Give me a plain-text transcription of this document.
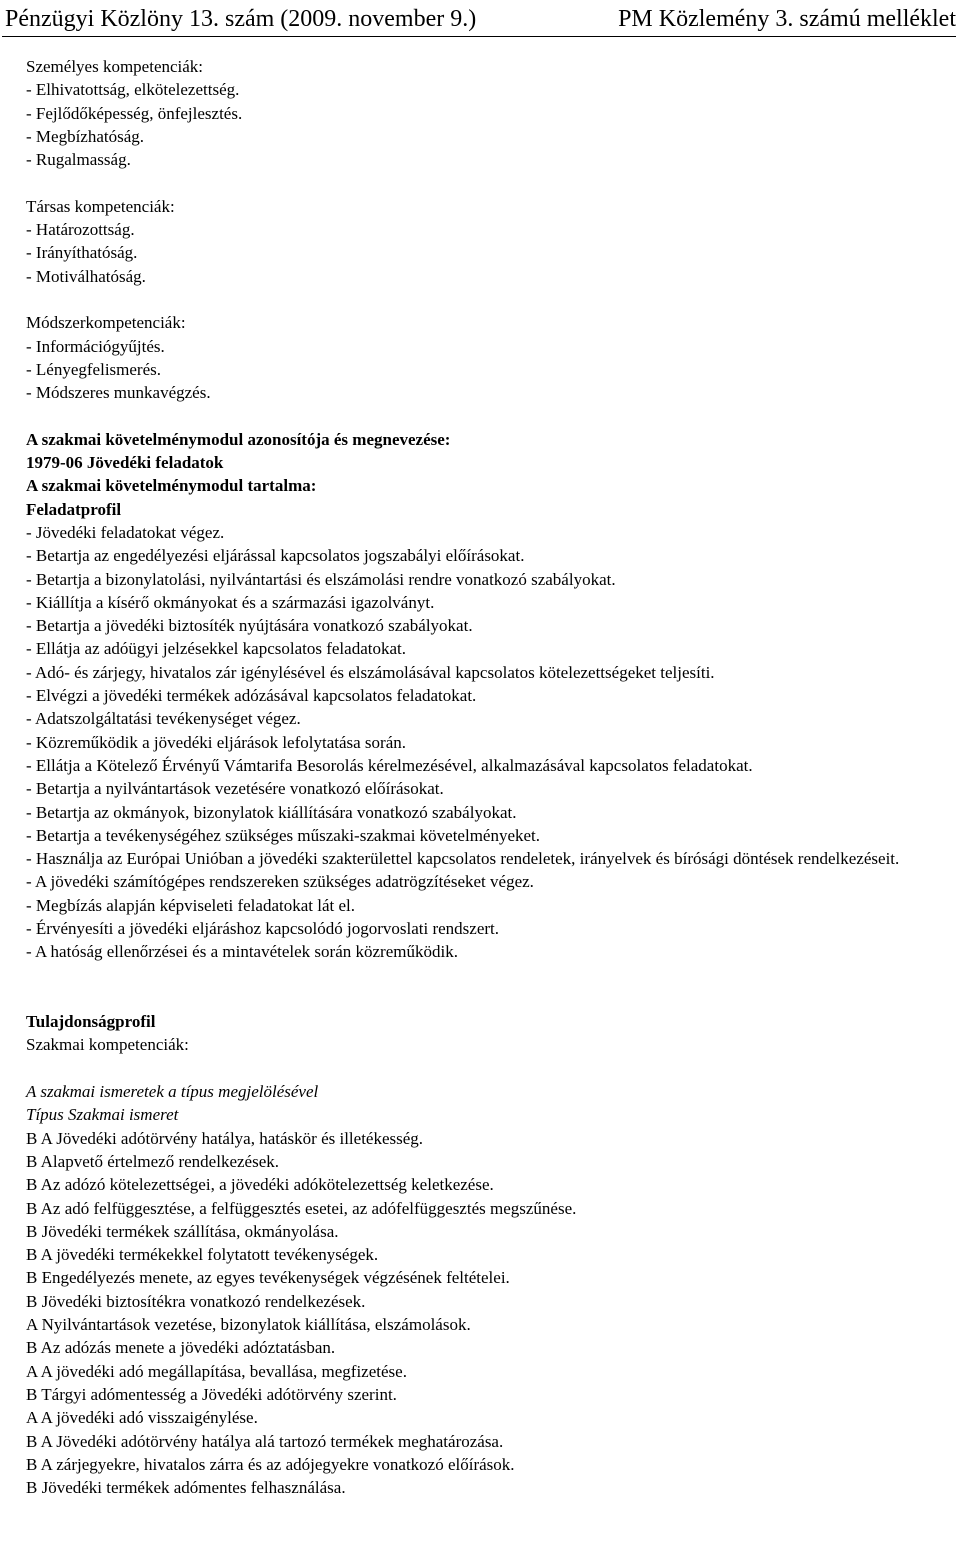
Pénzügyi Közlöny 13. szám (2009. november 9.)	PM Közlemény 3. számú melléklet
Személyes kompetenciák:
- Elhivatottság, elkötelezettség.
- Fejlődőképesség, önfejlesztés.
- Megbízhatóság.
- Rugalmasság.
Társas kompetenciák:
- Határozottság.
- Irányíthatóság.
- Motiválhatóság.
Módszerkompetenciák:
- Információgyűjtés.
- Lényegfelismerés.
- Módszeres munkavégzés.
A szakmai követelménymodul azonosítója és megnevezése:
1979-06 Jövedéki feladatok
A szakmai követelménymodul tartalma:
Feladatprofil
- Jövedéki feladatokat végez.
- Betartja az engedélyezési eljárással kapcsolatos jogszabályi előírásokat.
- Betartja a bizonylatolási, nyilvántartási és elszámolási rendre vonatkozó szabályokat.
- Kiállítja a kísérő okmányokat és a származási igazolványt.
- Betartja a jövedéki biztosíték nyújtására vonatkozó szabályokat.
- Ellátja az adóügyi jelzésekkel kapcsolatos feladatokat.
- Adó- és zárjegy, hivatalos zár igénylésével és elszámolásával kapcsolatos kötelezettségeket teljesíti.
- Elvégzi a jövedéki termékek adózásával kapcsolatos feladatokat.
- Adatszolgáltatási tevékenységet végez.
- Közreműködik a jövedéki eljárások lefolytatása során.
- Ellátja a Kötelező Érvényű Vámtarifa Besorolás kérelmezésével, alkalmazásával kapcsolatos feladatokat.
- Betartja a nyilvántartások vezetésére vonatkozó előírásokat.
- Betartja az okmányok, bizonylatok kiállítására vonatkozó szabályokat.
- Betartja a tevékenységéhez szükséges műszaki-szakmai követelményeket.
- Használja az Európai Unióban a jövedéki szakterülettel kapcsolatos rendeletek, irányelvek és bírósági döntések rendelkezéseit.
- A jövedéki számítógépes rendszereken szükséges adatrögzítéseket végez.
- Megbízás alapján képviseleti feladatokat lát el.
- Érvényesíti a jövedéki eljáráshoz kapcsolódó jogorvoslati rendszert.
- A hatóság ellenőrzései és a mintavételek során közreműködik.
Tulajdonságprofil
Szakmai kompetenciák:
A szakmai ismeretek a típus megjelölésével
Típus Szakmai ismeret
B A Jövedéki adótörvény hatálya, hatáskör és illetékesség.
B Alapvető értelmező rendelkezések.
B Az adózó kötelezettségei, a jövedéki adókötelezettség keletkezése.
B Az adó felfüggesztése, a felfüggesztés esetei, az adófelfüggesztés megszűnése.
B Jövedéki termékek szállítása, okmányolása.
B A jövedéki termékekkel folytatott tevékenységek.
B Engedélyezés menete, az egyes tevékenységek végzésének feltételei.
B Jövedéki biztosítékra vonatkozó rendelkezések.
A Nyilvántartások vezetése, bizonylatok kiállítása, elszámolások.
B Az adózás menete a jövedéki adóztatásban.
A A jövedéki adó megállapítása, bevallása, megfizetése.
B Tárgyi adómentesség a Jövedéki adótörvény szerint.
A A jövedéki adó visszaigénylése.
B A Jövedéki adótörvény hatálya alá tartozó termékek meghatározása.
B A zárjegyekre, hivatalos zárra és az adójegyekre vonatkozó előírások.
B Jövedéki termékek adómentes felhasználása.
